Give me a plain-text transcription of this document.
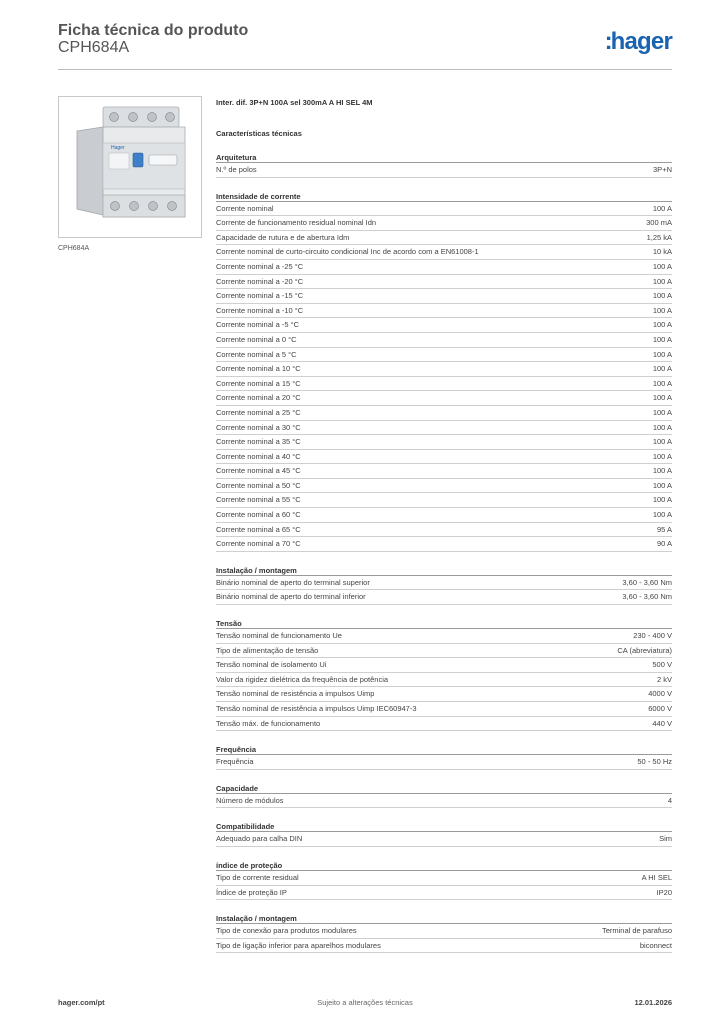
Ficha técnica do produto
CPH684A	:hager
Hager
CPH684A
Inter. dif. 3P+N 100A sel 300mA A HI SEL 4M
Características técnicas
Arquitetura
N.º de polos	3P+N
Intensidade de corrente
Corrente nominal	100 A
Corrente de funcionamento residual nominal Idn	300 mA
Capacidade de rutura e de abertura Idm	1,25 kA
Corrente nominal de curto-circuito condicional Inc de acordo com a EN61008-1	10 kA
Corrente nominal a -25 °C	100 A
Corrente nominal a -20 °C	100 A
Corrente nominal a -15 °C	100 A
Corrente nominal a -10 °C	100 A
Corrente nominal a -5 °C	100 A
Corrente nominal a 0 °C	100 A
Corrente nominal a 5 °C	100 A
Corrente nominal a 10 °C	100 A
Corrente nominal a 15 °C	100 A
Corrente nominal a 20 °C	100 A
Corrente nominal a 25 °C	100 A
Corrente nominal a 30 °C	100 A
Corrente nominal a 35 °C	100 A
Corrente nominal a 40 °C	100 A
Corrente nominal a 45 °C	100 A
Corrente nominal a 50 °C	100 A
Corrente nominal a 55 °C	100 A
Corrente nominal a 60 °C	100 A
Corrente nominal a 65 °C	95 A
Corrente nominal a 70 °C	90 A
Instalação / montagem
Binário nominal de aperto do terminal superior	3,60 - 3,60 Nm
Binário nominal de aperto do terminal inferior	3,60 - 3,60 Nm
Tensão
Tensão nominal de funcionamento Ue	230 - 400 V
Tipo de alimentação de tensão	CA (abreviatura)
Tensão nominal de isolamento Ui	500 V
Valor da rigidez dielétrica da frequência de potência	2 kV
Tensão nominal de resistência a impulsos Uimp	4000 V
Tensão nominal de resistência a impulsos Uimp IEC60947-3	6000 V
Tensão máx. de funcionamento	440 V
Frequência
Frequência	50 - 50 Hz
Capacidade
Número de módulos	4
Compatibilidade
Adequado para calha DIN	Sim
índice de proteção
Tipo de corrente residual	A HI SEL
Índice de proteção IP	IP20
Instalação / montagem
Tipo de conexão para produtos modulares	Terminal de parafuso
Tipo de ligação inferior para aparelhos modulares	biconnect
hager.com/pt	Sujeito a alterações técnicas	12.01.2026
